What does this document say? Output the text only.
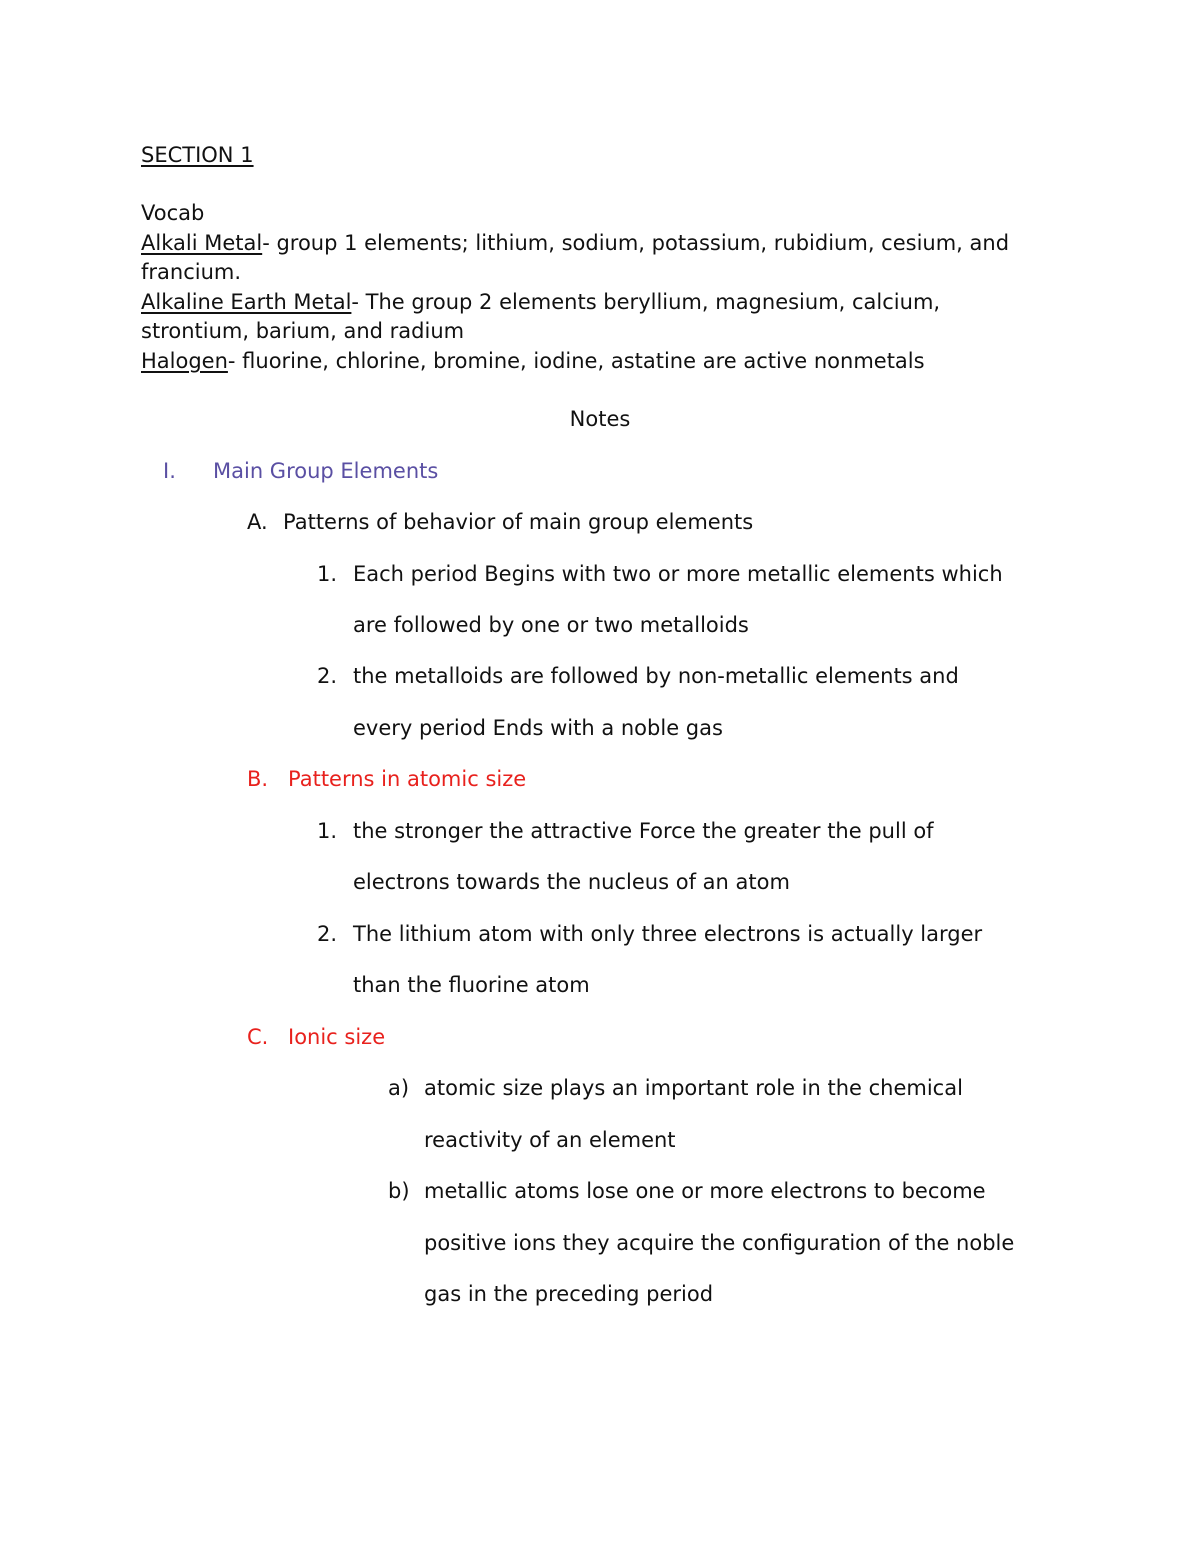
SECTION 1
Vocab
Alkali Metal- group 1 elements; lithium, sodium, potassium, rubidium, cesium, and
francium.
Alkaline Earth Metal- The group 2 elements beryllium, magnesium, calcium,
strontium, barium, and radium
Halogen- fluorine, chlorine, bromine, iodine, astatine are active nonmetals
Notes
I. Main Group Elements
A. Patterns of behavior of main group elements
1. Each period Begins with two or more metallic elements which
are followed by one or two metalloids
2. the metalloids are followed by non-metallic elements and
every period Ends with a noble gas
B. Patterns in atomic size
1. the stronger the attractive Force the greater the pull of
electrons towards the nucleus of an atom
2. The lithium atom with only three electrons is actually larger
than the fluorine atom
C. Ionic size
a) atomic size plays an important role in the chemical
reactivity of an element
b) metallic atoms lose one or more electrons to become
positive ions they acquire the configuration of the noble
gas in the preceding period
